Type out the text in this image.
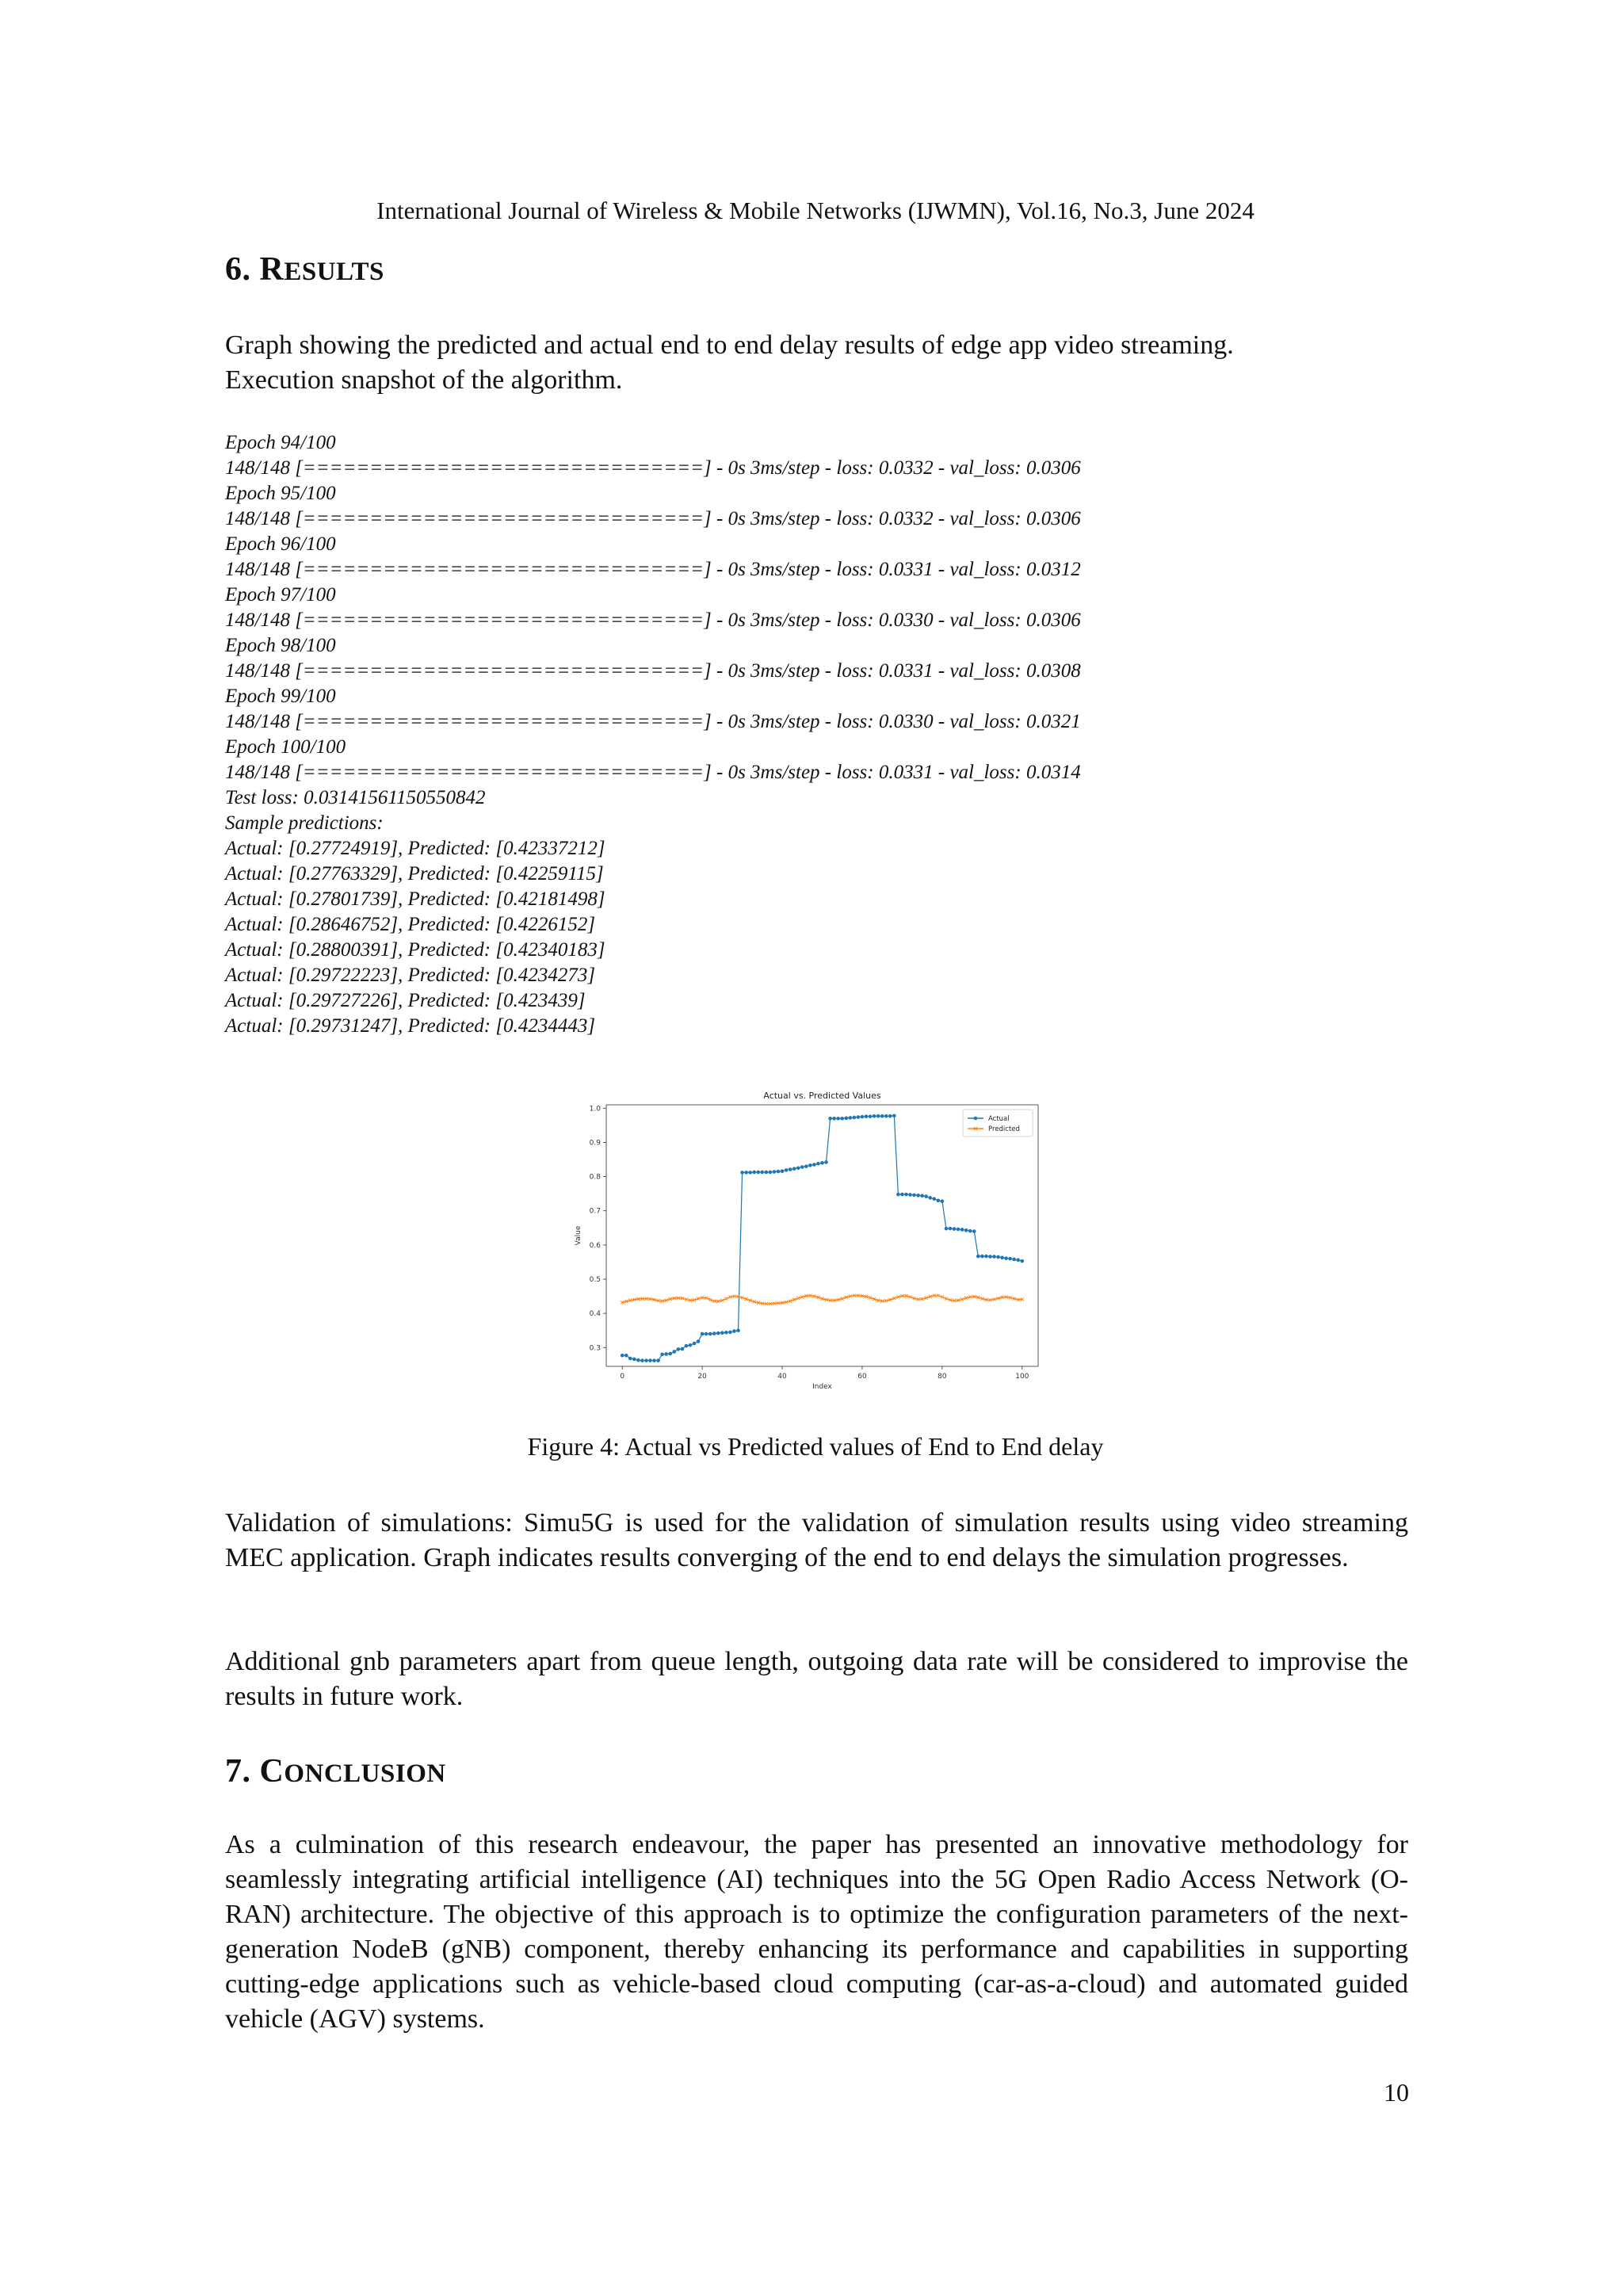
International Journal of Wireless & Mobile Networks (IJWMN), Vol.16, No.3, June 2024
6. RESULTS

Graph showing the predicted and actual end to end delay results of edge app video streaming.
Execution snapshot of the algorithm.

Epoch 94/100
148/148 [==============================] - 0s 3ms/step - loss: 0.0332 - val_loss: 0.0306
Epoch 95/100
148/148 [==============================] - 0s 3ms/step - loss: 0.0332 - val_loss: 0.0306
Epoch 96/100
148/148 [==============================] - 0s 3ms/step - loss: 0.0331 - val_loss: 0.0312
Epoch 97/100
148/148 [==============================] - 0s 3ms/step - loss: 0.0330 - val_loss: 0.0306
Epoch 98/100
148/148 [==============================] - 0s 3ms/step - loss: 0.0331 - val_loss: 0.0308
Epoch 99/100
148/148 [==============================] - 0s 3ms/step - loss: 0.0330 - val_loss: 0.0321
Epoch 100/100
148/148 [==============================] - 0s 3ms/step - loss: 0.0331 - val_loss: 0.0314
Test loss: 0.03141561150550842
Sample predictions:
Actual: [0.27724919], Predicted: [0.42337212]
Actual: [0.27763329], Predicted: [0.42259115]
Actual: [0.27801739], Predicted: [0.42181498]
Actual: [0.28646752], Predicted: [0.4226152]
Actual: [0.28800391], Predicted: [0.42340183]
Actual: [0.29722223], Predicted: [0.4234273]
Actual: [0.29727226], Predicted: [0.423439]
Actual: [0.29731247], Predicted: [0.4234443]
Actual vs. Predicted Values
0	20	40	60	80	100
0.3
0.4
0.5
0.6
0.7
0.8
0.9
1.0
Index
Value
Actual
Predicted
Figure 4: Actual vs Predicted values of End to End delay

Validation of simulations: Simu5G is used for the validation of simulation results using video streaming MEC application. Graph indicates results converging of the end to end delays the simulation progresses.

Additional gnb parameters apart from queue length, outgoing data rate will be considered to improvise the results in future work.

7. CONCLUSION

As a culmination of this research endeavour, the paper has presented an innovative methodology for seamlessly integrating artificial intelligence (AI) techniques into the 5G Open Radio Access Network (O-RAN) architecture. The objective of this approach is to optimize the configuration parameters of the next-generation NodeB (gNB) component, thereby enhancing its performance and capabilities in supporting cutting-edge applications such as vehicle-based cloud computing (car-as-a-cloud) and automated guided vehicle (AGV) systems.

10
